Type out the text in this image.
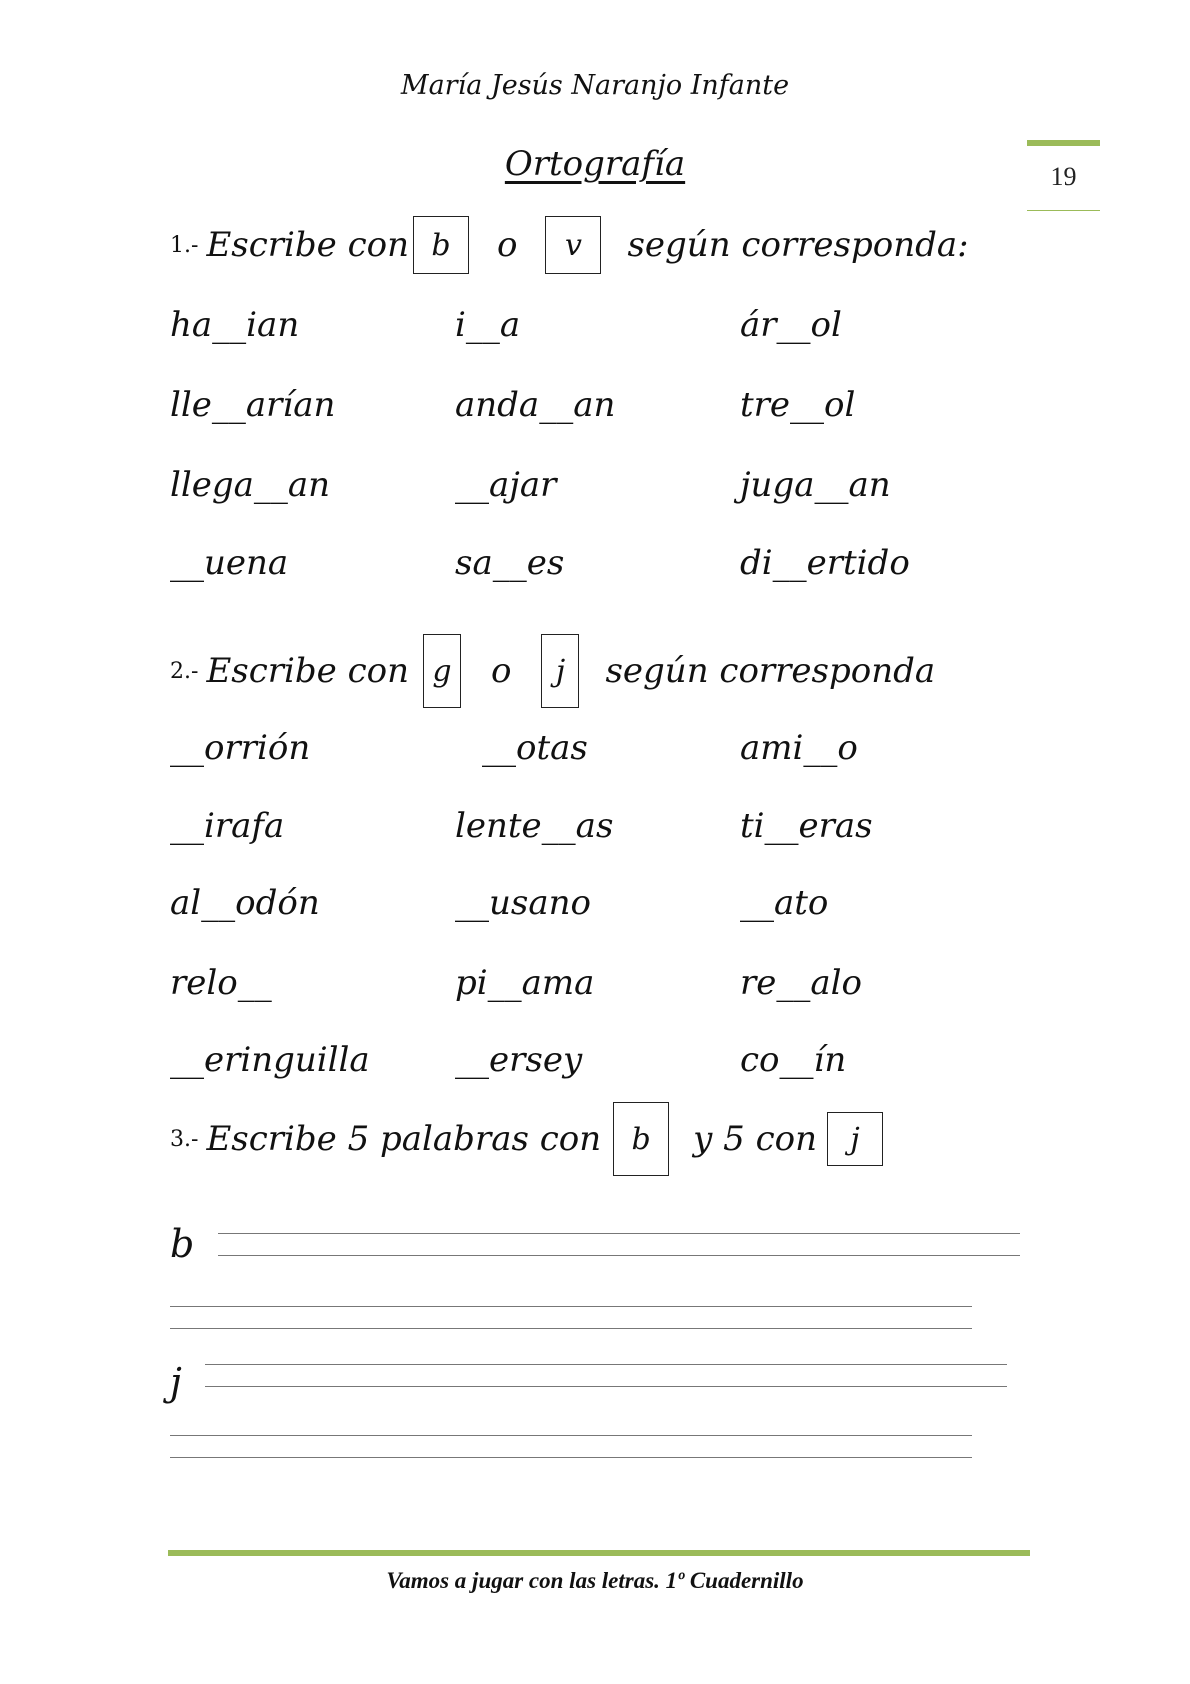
María Jesús Naranjo Infante
19
Ortografía
1.- Escribe con b	o	v	según corresponda:
ha__ian	i__a	ár__ol
lle__arían	anda__an	tre__ol
llega__an	__ajar	juga__an
__uena	sa__es	di__ertido
2.- Escribe con g o	j	según corresponda
__orrión	__otas	ami__o
__irafa	lente__as	ti__eras
al__odón	__usano	__ato
relo__	pi__ama	re__alo
__eringuilla	__ersey	co__ín
3.- Escribe 5 palabras con	b	y 5 con	j
b
j
Vamos a jugar con las letras. 1º Cuadernillo
